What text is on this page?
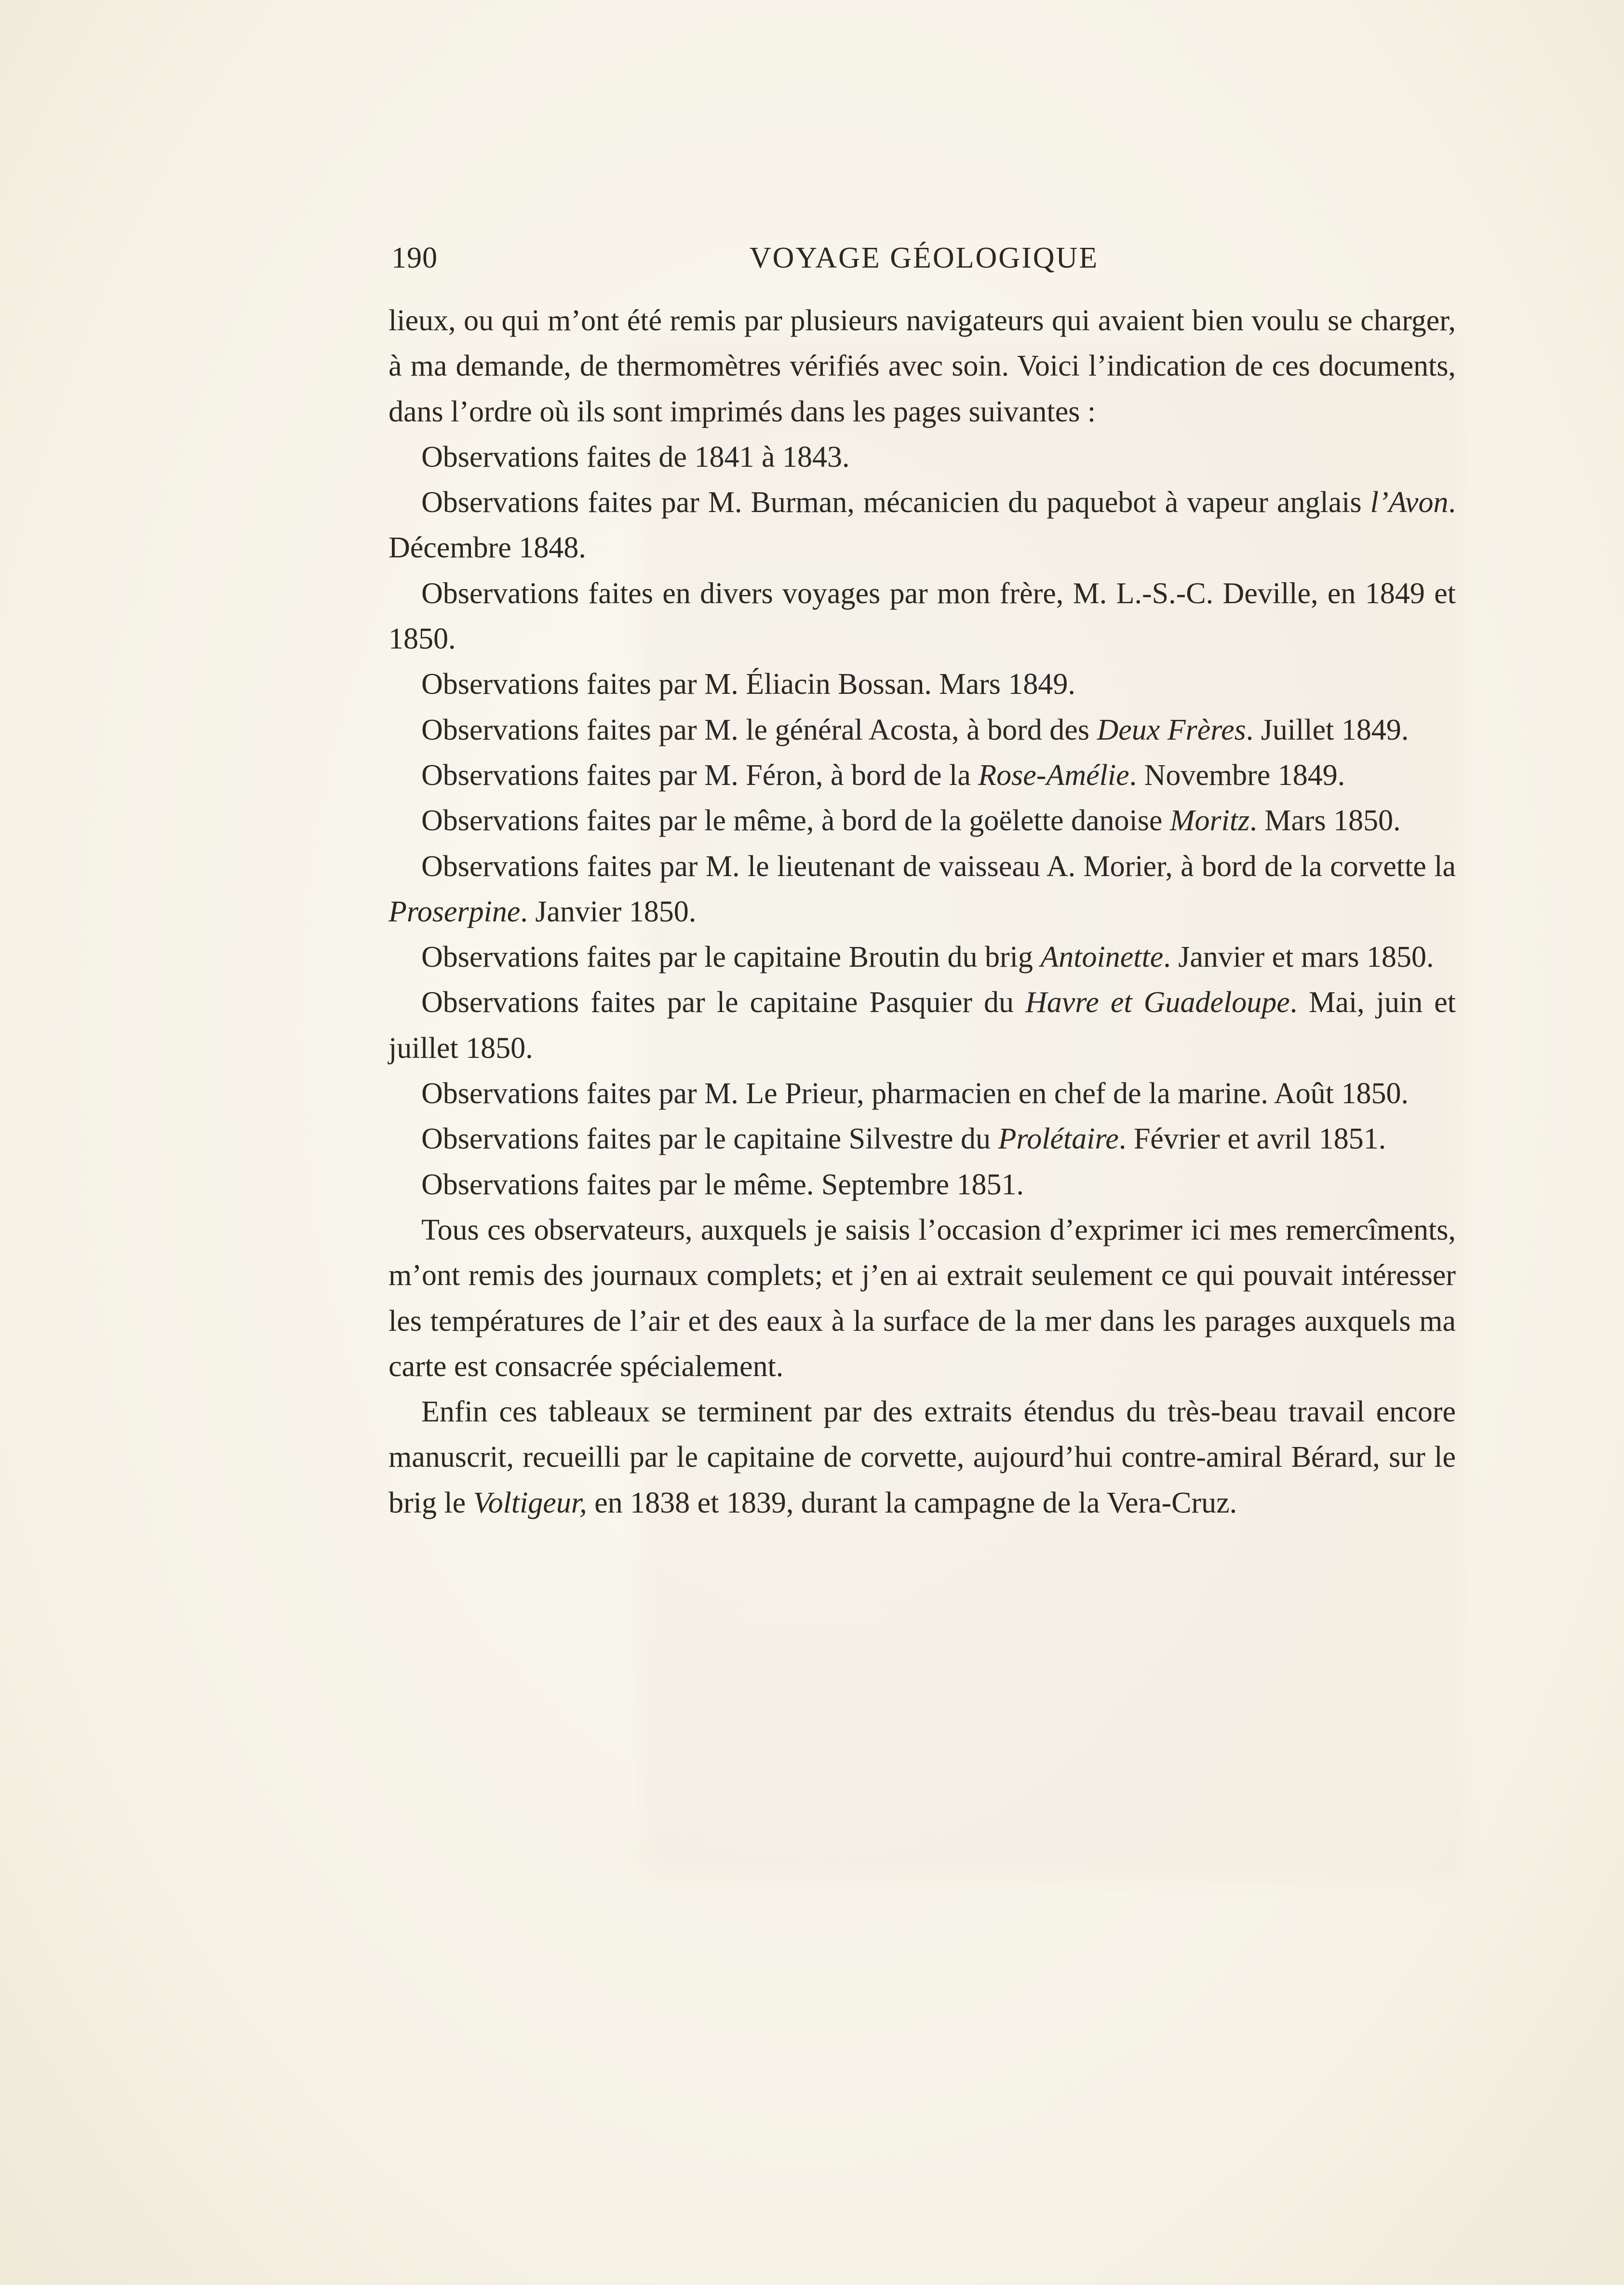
190	VOYAGE GÉOLOGIQUE

lieux, ou qui m’ont été remis par plusieurs navigateurs qui avaient bien voulu se charger, à ma demande, de thermomètres vérifiés avec soin. Voici l’indication de ces documents, dans l’ordre où ils sont imprimés dans les pages suivantes :

Observations faites de 1841 à 1843.

Observations faites par M. Burman, mécanicien du paquebot à vapeur anglais l’Avon. Décembre 1848.

Observations faites en divers voyages par mon frère, M. L.-S.-C. Deville, en 1849 et 1850.

Observations faites par M. Éliacin Bossan. Mars 1849.

Observations faites par M. le général Acosta, à bord des Deux Frères. Juillet 1849.

Observations faites par M. Féron, à bord de la Rose-Amélie. Novembre 1849.

Observations faites par le même, à bord de la goëlette danoise Moritz. Mars 1850.

Observations faites par M. le lieutenant de vaisseau A. Morier, à bord de la corvette la Proserpine. Janvier 1850.

Observations faites par le capitaine Broutin du brig Antoinette. Janvier et mars 1850.

Observations faites par le capitaine Pasquier du Havre et Guadeloupe. Mai, juin et juillet 1850.

Observations faites par M. Le Prieur, pharmacien en chef de la marine. Août 1850.

Observations faites par le capitaine Silvestre du Prolétaire. Février et avril 1851.

Observations faites par le même. Septembre 1851.

Tous ces observateurs, auxquels je saisis l’occasion d’exprimer ici mes remercîments, m’ont remis des journaux complets; et j’en ai extrait seulement ce qui pouvait intéresser les températures de l’air et des eaux à la surface de la mer dans les parages auxquels ma carte est consacrée spécialement.

Enfin ces tableaux se terminent par des extraits étendus du très-beau travail encore manuscrit, recueilli par le capitaine de corvette, aujourd’hui contre-amiral Bérard, sur le brig le Voltigeur, en 1838 et 1839, durant la campagne de la Vera-Cruz.
